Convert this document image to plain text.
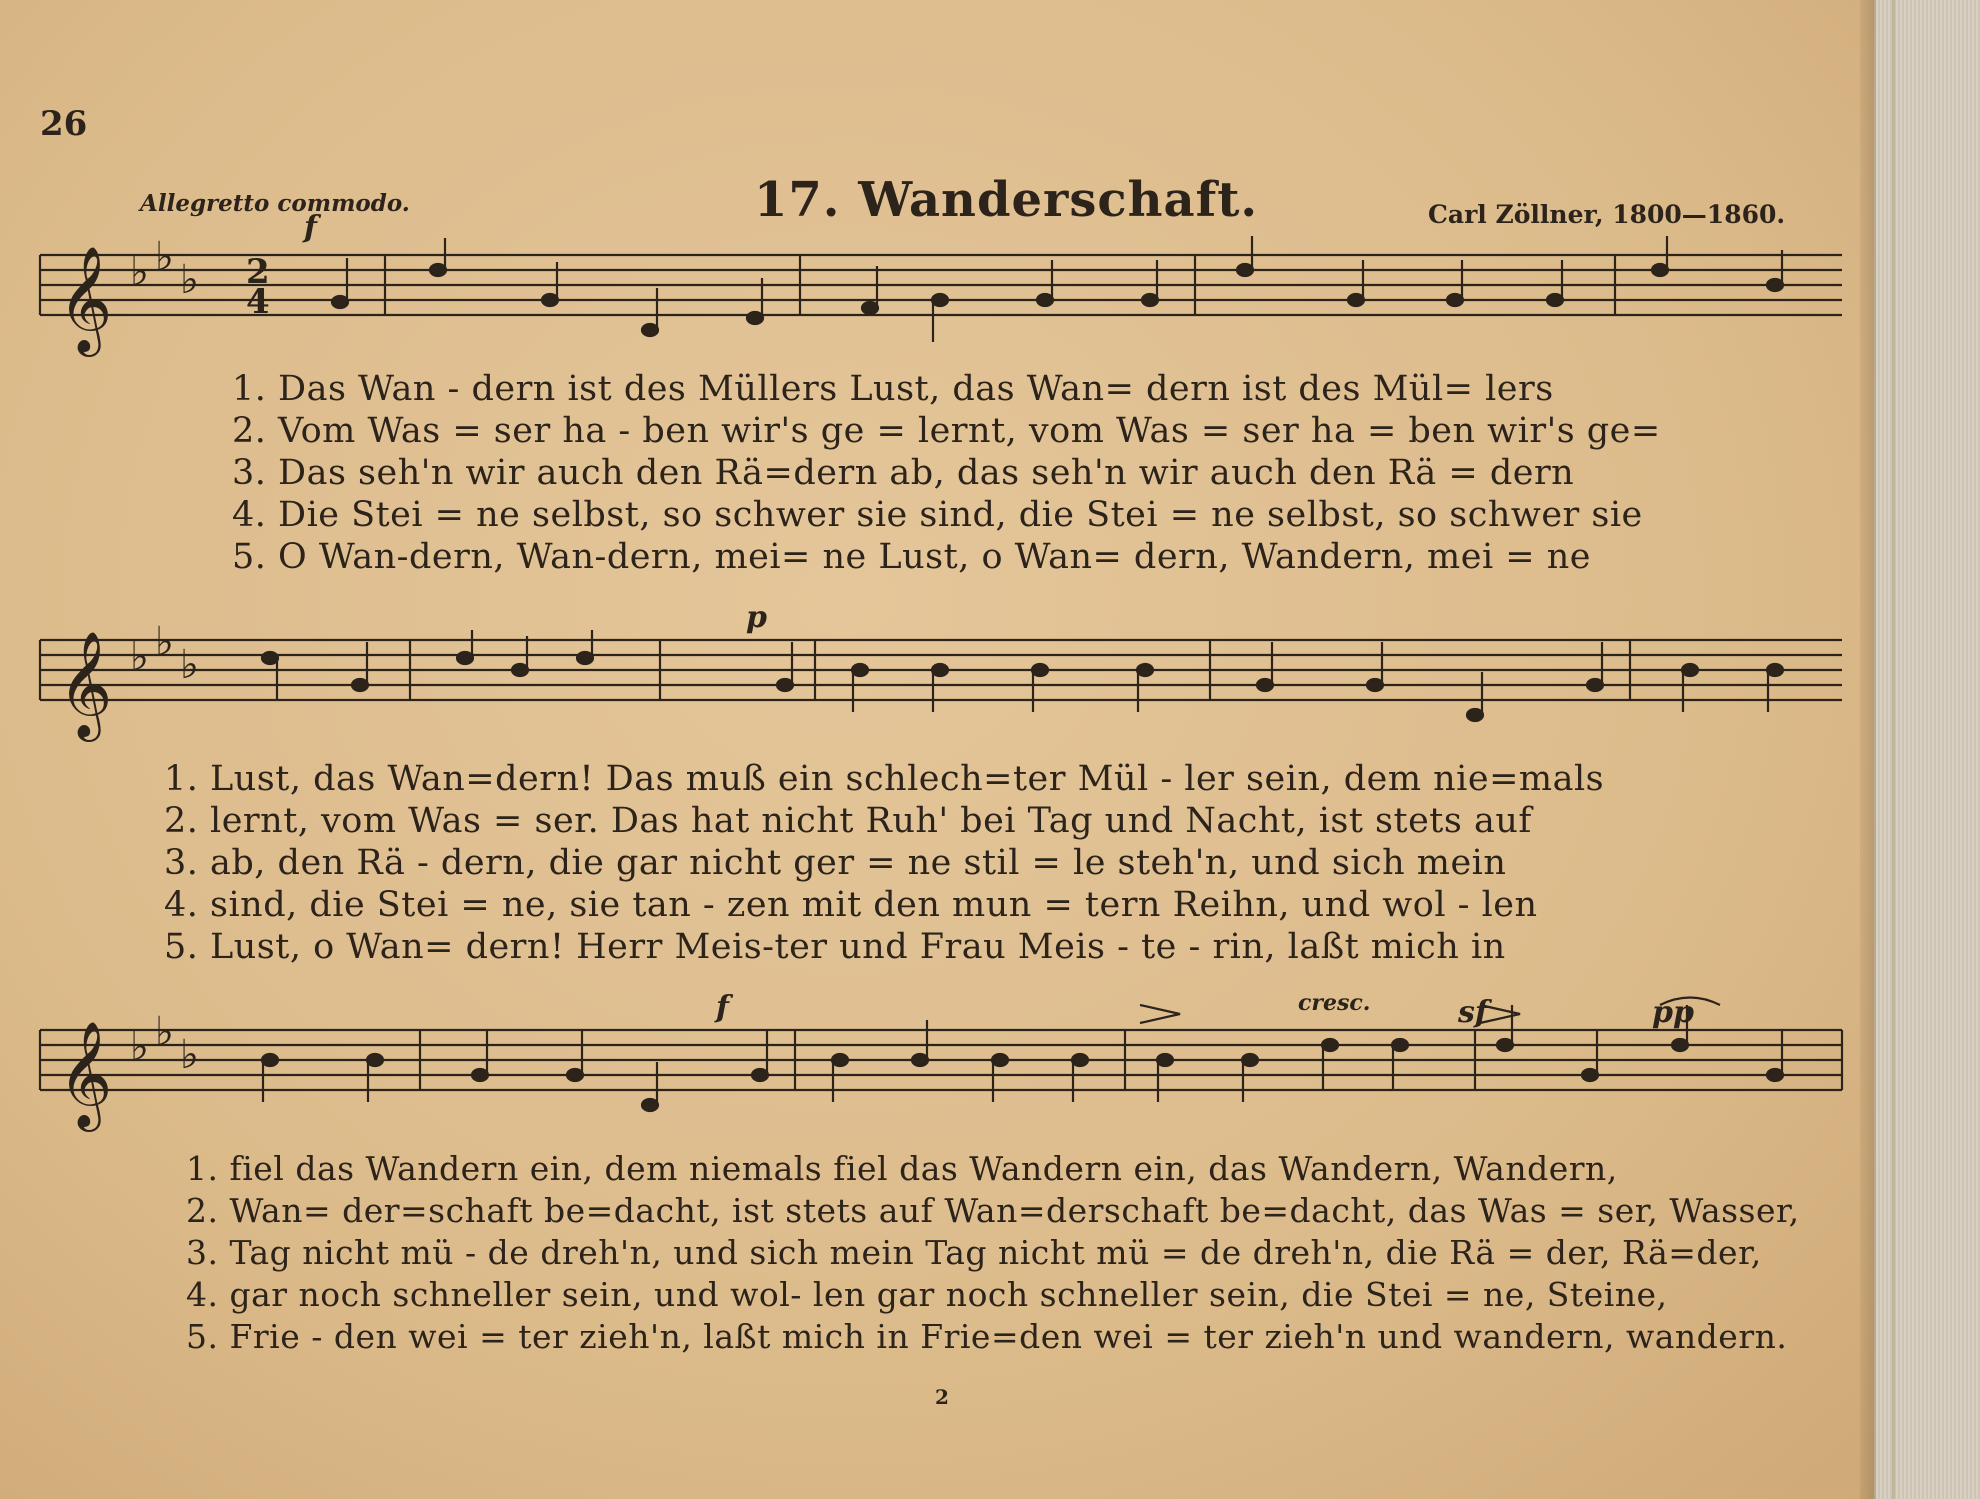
26
Allegretto commodo.	17. Wanderschaft.	Carl Zöllner, 1800—1860.
𝄞 ♭ ♭ ♭ 2
4
𝄞 ♭ ♭ ♭
𝄞 ♭ ♭ ♭
f
p
f	cresc.	sf	pp
1. Das Wan - dern ist des Müllers Lust, das Wan= dern ist des Mül= lers
2. Vom Was = ser ha - ben wir's ge = lernt, vom Was = ser ha = ben wir's ge=
3. Das seh'n wir auch den Rä=dern ab, das seh'n wir auch den Rä = dern
4. Die Stei = ne selbst, so schwer sie sind, die Stei = ne selbst, so schwer sie
5. O Wan-dern, Wan-dern, mei= ne Lust, o Wan= dern, Wandern, mei = ne
1. Lust, das Wan=dern! Das muß ein schlech=ter Mül - ler sein, dem nie=mals
2. lernt, vom Was = ser. Das hat nicht Ruh' bei Tag und Nacht, ist stets auf
3. ab, den Rä - dern, die gar nicht ger = ne stil = le steh'n, und sich mein
4. sind, die Stei = ne, sie tan - zen mit den mun = tern Reihn, und wol - len
5. Lust, o Wan= dern! Herr Meis-ter und Frau Meis - te - rin, laßt mich in
1. fiel das Wandern ein, dem niemals fiel das Wandern ein, das Wandern, Wandern,
2. Wan= der=schaft be=dacht, ist stets auf Wan=derschaft be=dacht, das Was = ser, Wasser,
3. Tag nicht mü - de dreh'n, und sich mein Tag nicht mü = de dreh'n, die Rä = der, Rä=der,
4. gar noch schneller sein, und wol- len gar noch schneller sein, die Stei = ne, Steine,
5. Frie - den wei = ter zieh'n, laßt mich in Frie=den wei = ter zieh'n und wandern, wandern.
2
